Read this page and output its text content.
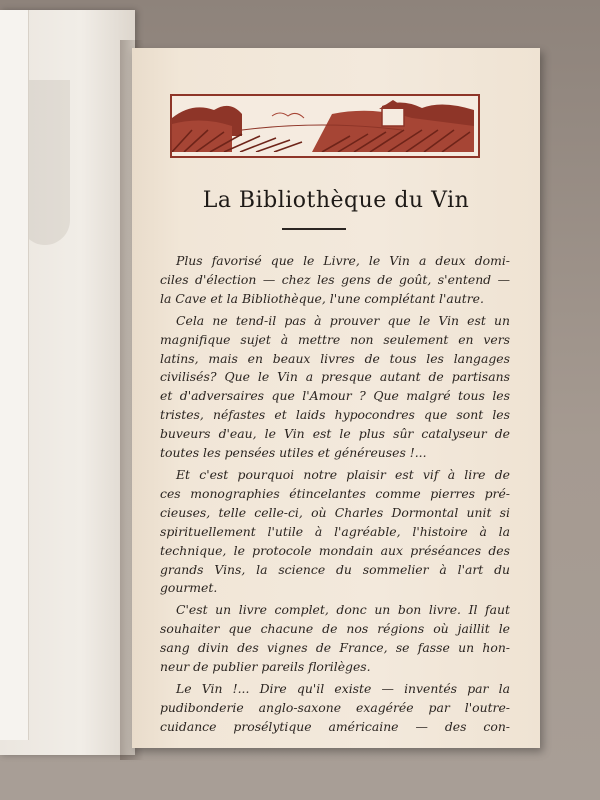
La Bibliothèque du Vin

Plus favorisé que le Livre, le Vin a deux domi-
ciles d'élection — chez les gens de goût, s'entend —
la Cave et la Bibliothèque, l'une complétant l'autre.

Cela ne tend-il pas à prouver que le Vin est un
magnifique sujet à mettre non seulement en vers
latins, mais en beaux livres de tous les langages
civilisés? Que le Vin a presque autant de partisans
et d'adversaires que l'Amour ? Que malgré tous les
tristes, néfastes et laids hypocondres que sont les
buveurs d'eau, le Vin est le plus sûr catalyseur de
toutes les pensées utiles et généreuses !...

Et c'est pourquoi notre plaisir est vif à lire de
ces monographies étincelantes comme pierres pré-
cieuses, telle celle-ci, où Charles Dormontal unit si
spirituellement l'utile à l'agréable, l'histoire à la
technique, le protocole mondain aux préséances des
grands Vins, la science du sommelier à l'art du
gourmet.

C'est un livre complet, donc un bon livre. Il faut
souhaiter que chacune de nos régions où jaillit le
sang divin des vignes de France, se fasse un hon-
neur de publier pareils florilèges.

Le Vin !... Dire qu'il existe — inventés par la
pudibonderie anglo-saxone exagérée par l'outre-
cuidance prosélytique américaine — des con-
